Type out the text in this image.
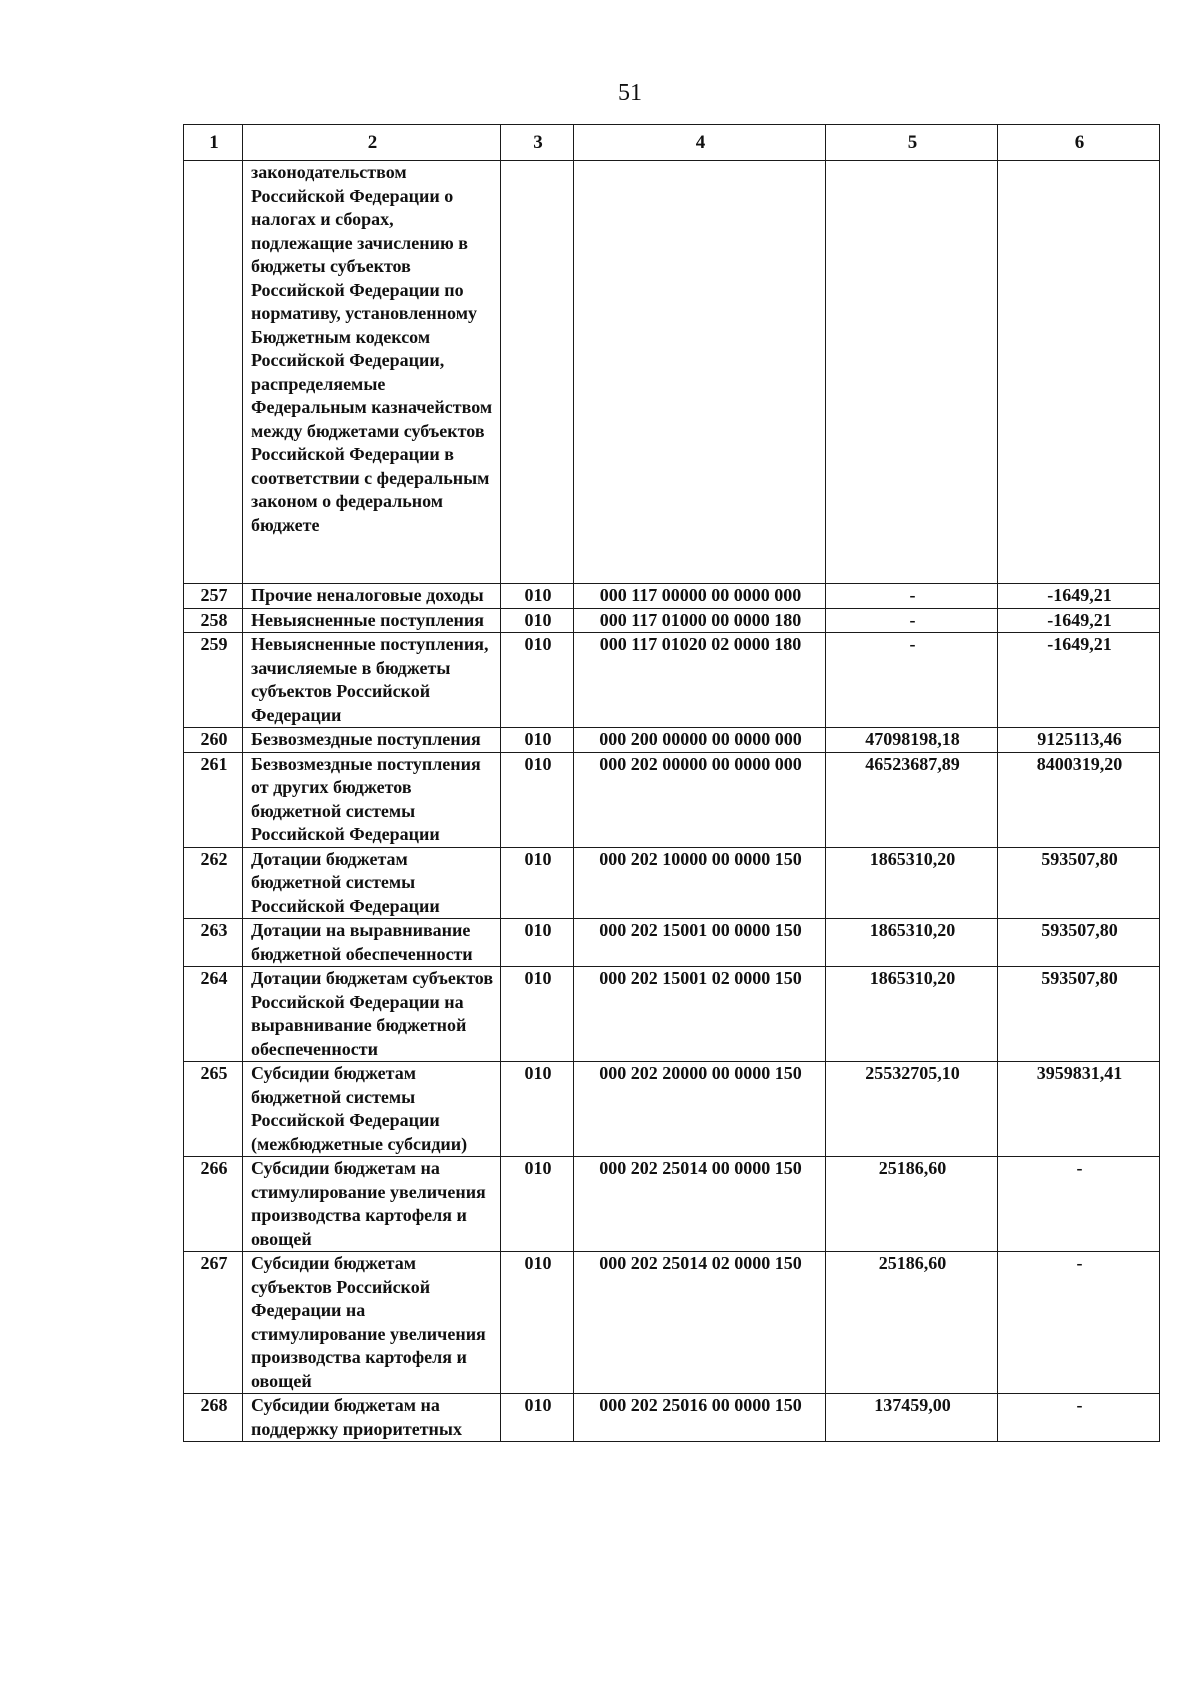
51
1	2	3	4	5	6
	законодательством Российской Федерации о налогах и сборах, подлежащие зачислению в бюджеты субъектов Российской Федерации по нормативу, установленному Бюджетным кодексом Российской Федерации, распределяемые Федеральным казначейством между бюджетами субъектов Российской Федерации в соответствии с федеральным законом о федеральном бюджете				
257	Прочие неналоговые доходы	010	000 117 00000 00 0000 000	-	-1649,21
258	Невыясненные поступления	010	000 117 01000 00 0000 180	-	-1649,21
259	Невыясненные поступления, зачисляемые в бюджеты субъектов Российской Федерации	010	000 117 01020 02 0000 180	-	-1649,21
260	Безвозмездные поступления	010	000 200 00000 00 0000 000	47098198,18	9125113,46
261	Безвозмездные поступления от других бюджетов бюджетной системы Российской Федерации	010	000 202 00000 00 0000 000	46523687,89	8400319,20
262	Дотации бюджетам бюджетной системы Российской Федерации	010	000 202 10000 00 0000 150	1865310,20	593507,80
263	Дотации на выравнивание бюджетной обеспеченности	010	000 202 15001 00 0000 150	1865310,20	593507,80
264	Дотации бюджетам субъектов Российской Федерации на выравнивание бюджетной обеспеченности	010	000 202 15001 02 0000 150	1865310,20	593507,80
265	Субсидии бюджетам бюджетной системы Российской Федерации (межбюджетные субсидии)	010	000 202 20000 00 0000 150	25532705,10	3959831,41
266	Субсидии бюджетам на стимулирование увеличения производства картофеля и овощей	010	000 202 25014 00 0000 150	25186,60	-
267	Субсидии бюджетам субъектов Российской Федерации на стимулирование увеличения производства картофеля и овощей	010	000 202 25014 02 0000 150	25186,60	-
268	Субсидии бюджетам на поддержку приоритетных	010	000 202 25016 00 0000 150	137459,00	-
